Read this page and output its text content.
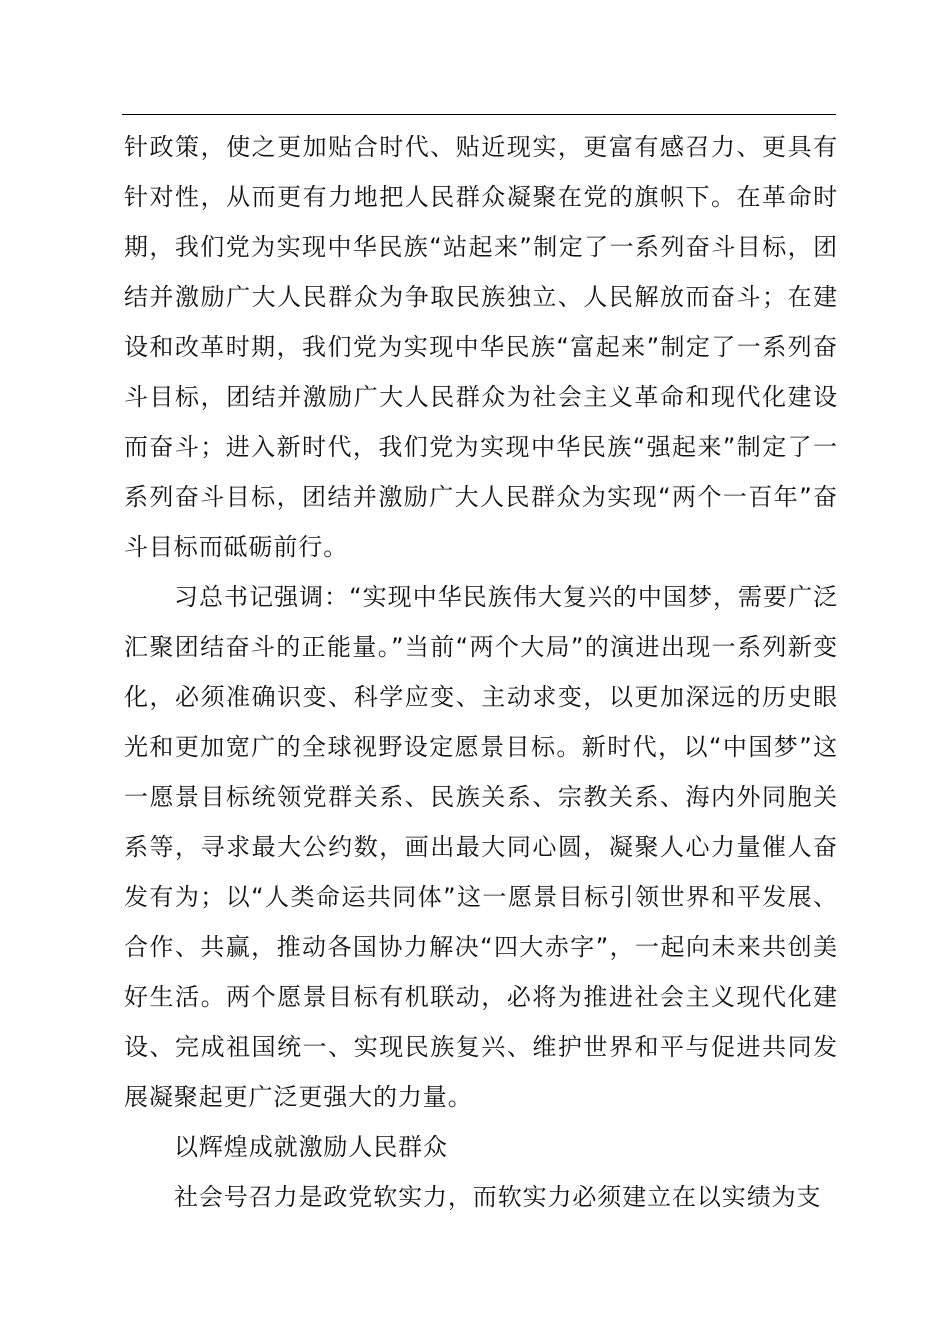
针政策，使之更加贴合时代、贴近现实，更富有感召力、更具有针对性，从而更有力地把人民群众凝聚在党的旗帜下。在革命时期，我们党为实现中华民族“站起来”制定了一系列奋斗目标，团结并激励广大人民群众为争取民族独立、人民解放而奋斗；在建设和改革时期，我们党为实现中华民族“富起来”制定了一系列奋斗目标，团结并激励广大人民群众为社会主义革命和现代化建设而奋斗；进入新时代，我们党为实现中华民族“强起来”制定了一系列奋斗目标，团结并激励广大人民群众为实现“两个一百年”奋斗目标而砥砺前行。

习总书记强调：“实现中华民族伟大复兴的中国梦，需要广泛汇聚团结奋斗的正能量。”当前“两个大局”的演进出现一系列新变化，必须准确识变、科学应变、主动求变，以更加深远的历史眼光和更加宽广的全球视野设定愿景目标。新时代，以“中国梦”这一愿景目标统领党群关系、民族关系、宗教关系、海内外同胞关系等，寻求最大公约数，画出最大同心圆，凝聚人心力量催人奋发有为；以“人类命运共同体”这一愿景目标引领世界和平发展、合作、共赢，推动各国协力解决“四大赤字”，一起向未来共创美好生活。两个愿景目标有机联动，必将为推进社会主义现代化建设、完成祖国统一、实现民族复兴、维护世界和平与促进共同发展凝聚起更广泛更强大的力量。

以辉煌成就激励人民群众

社会号召力是政党软实力，而软实力必须建立在以实绩为支
